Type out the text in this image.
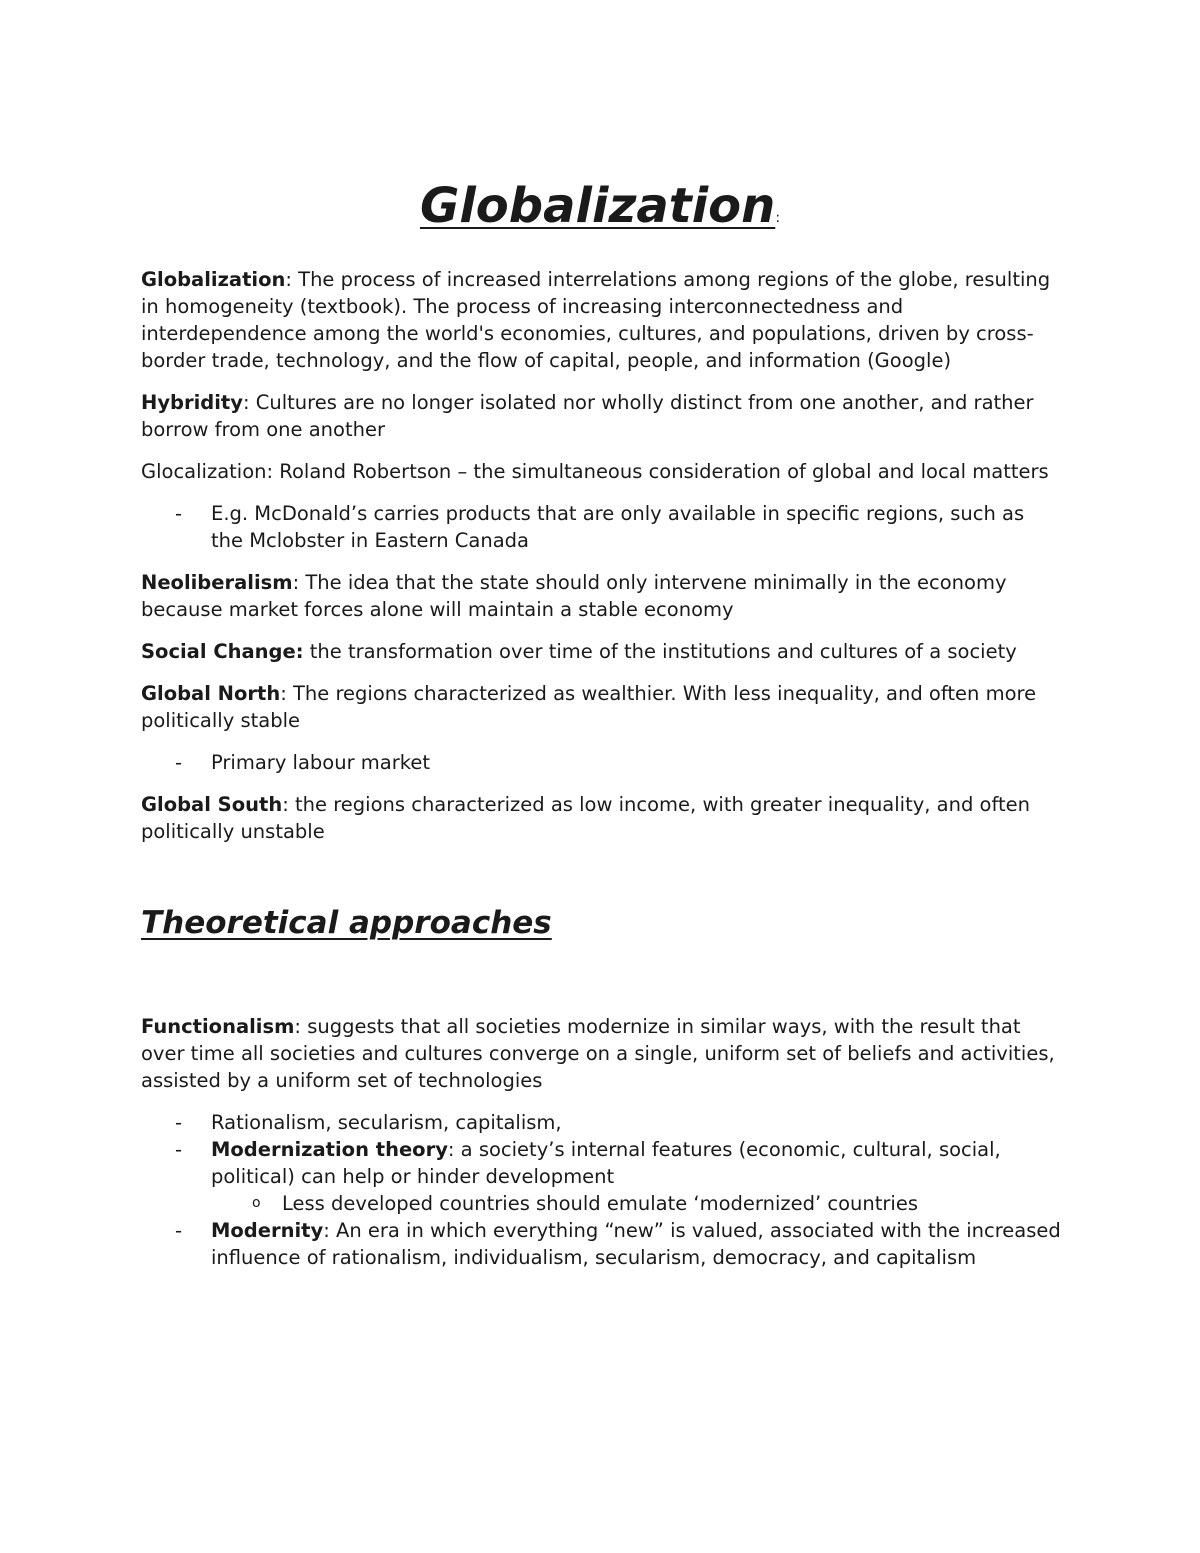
Globalization:

Globalization: The process of increased interrelations among regions of the globe, resulting in homogeneity (textbook). The process of increasing interconnectedness and interdependence among the world's economies, cultures, and populations, driven by cross-border trade, technology, and the flow of capital, people, and information (Google)

Hybridity: Cultures are no longer isolated nor wholly distinct from one another, and rather borrow from one another

Glocalization: Roland Robertson – the simultaneous consideration of global and local matters

- E.g. McDonald’s carries products that are only available in specific regions, such as the Mclobster in Eastern Canada

Neoliberalism: The idea that the state should only intervene minimally in the economy because market forces alone will maintain a stable economy

Social Change: the transformation over time of the institutions and cultures of a society

Global North: The regions characterized as wealthier. With less inequality, and often more politically stable

- Primary labour market

Global South: the regions characterized as low income, with greater inequality, and often politically unstable

Theoretical approaches

Functionalism: suggests that all societies modernize in similar ways, with the result that over time all societies and cultures converge on a single, uniform set of beliefs and activities, assisted by a uniform set of technologies

- Rationalism, secularism, capitalism,
- Modernization theory: a society’s internal features (economic, cultural, social, political) can help or hinder development
o Less developed countries should emulate ‘modernized’ countries
- Modernity: An era in which everything “new” is valued, associated with the increased influence of rationalism, individualism, secularism, democracy, and capitalism
